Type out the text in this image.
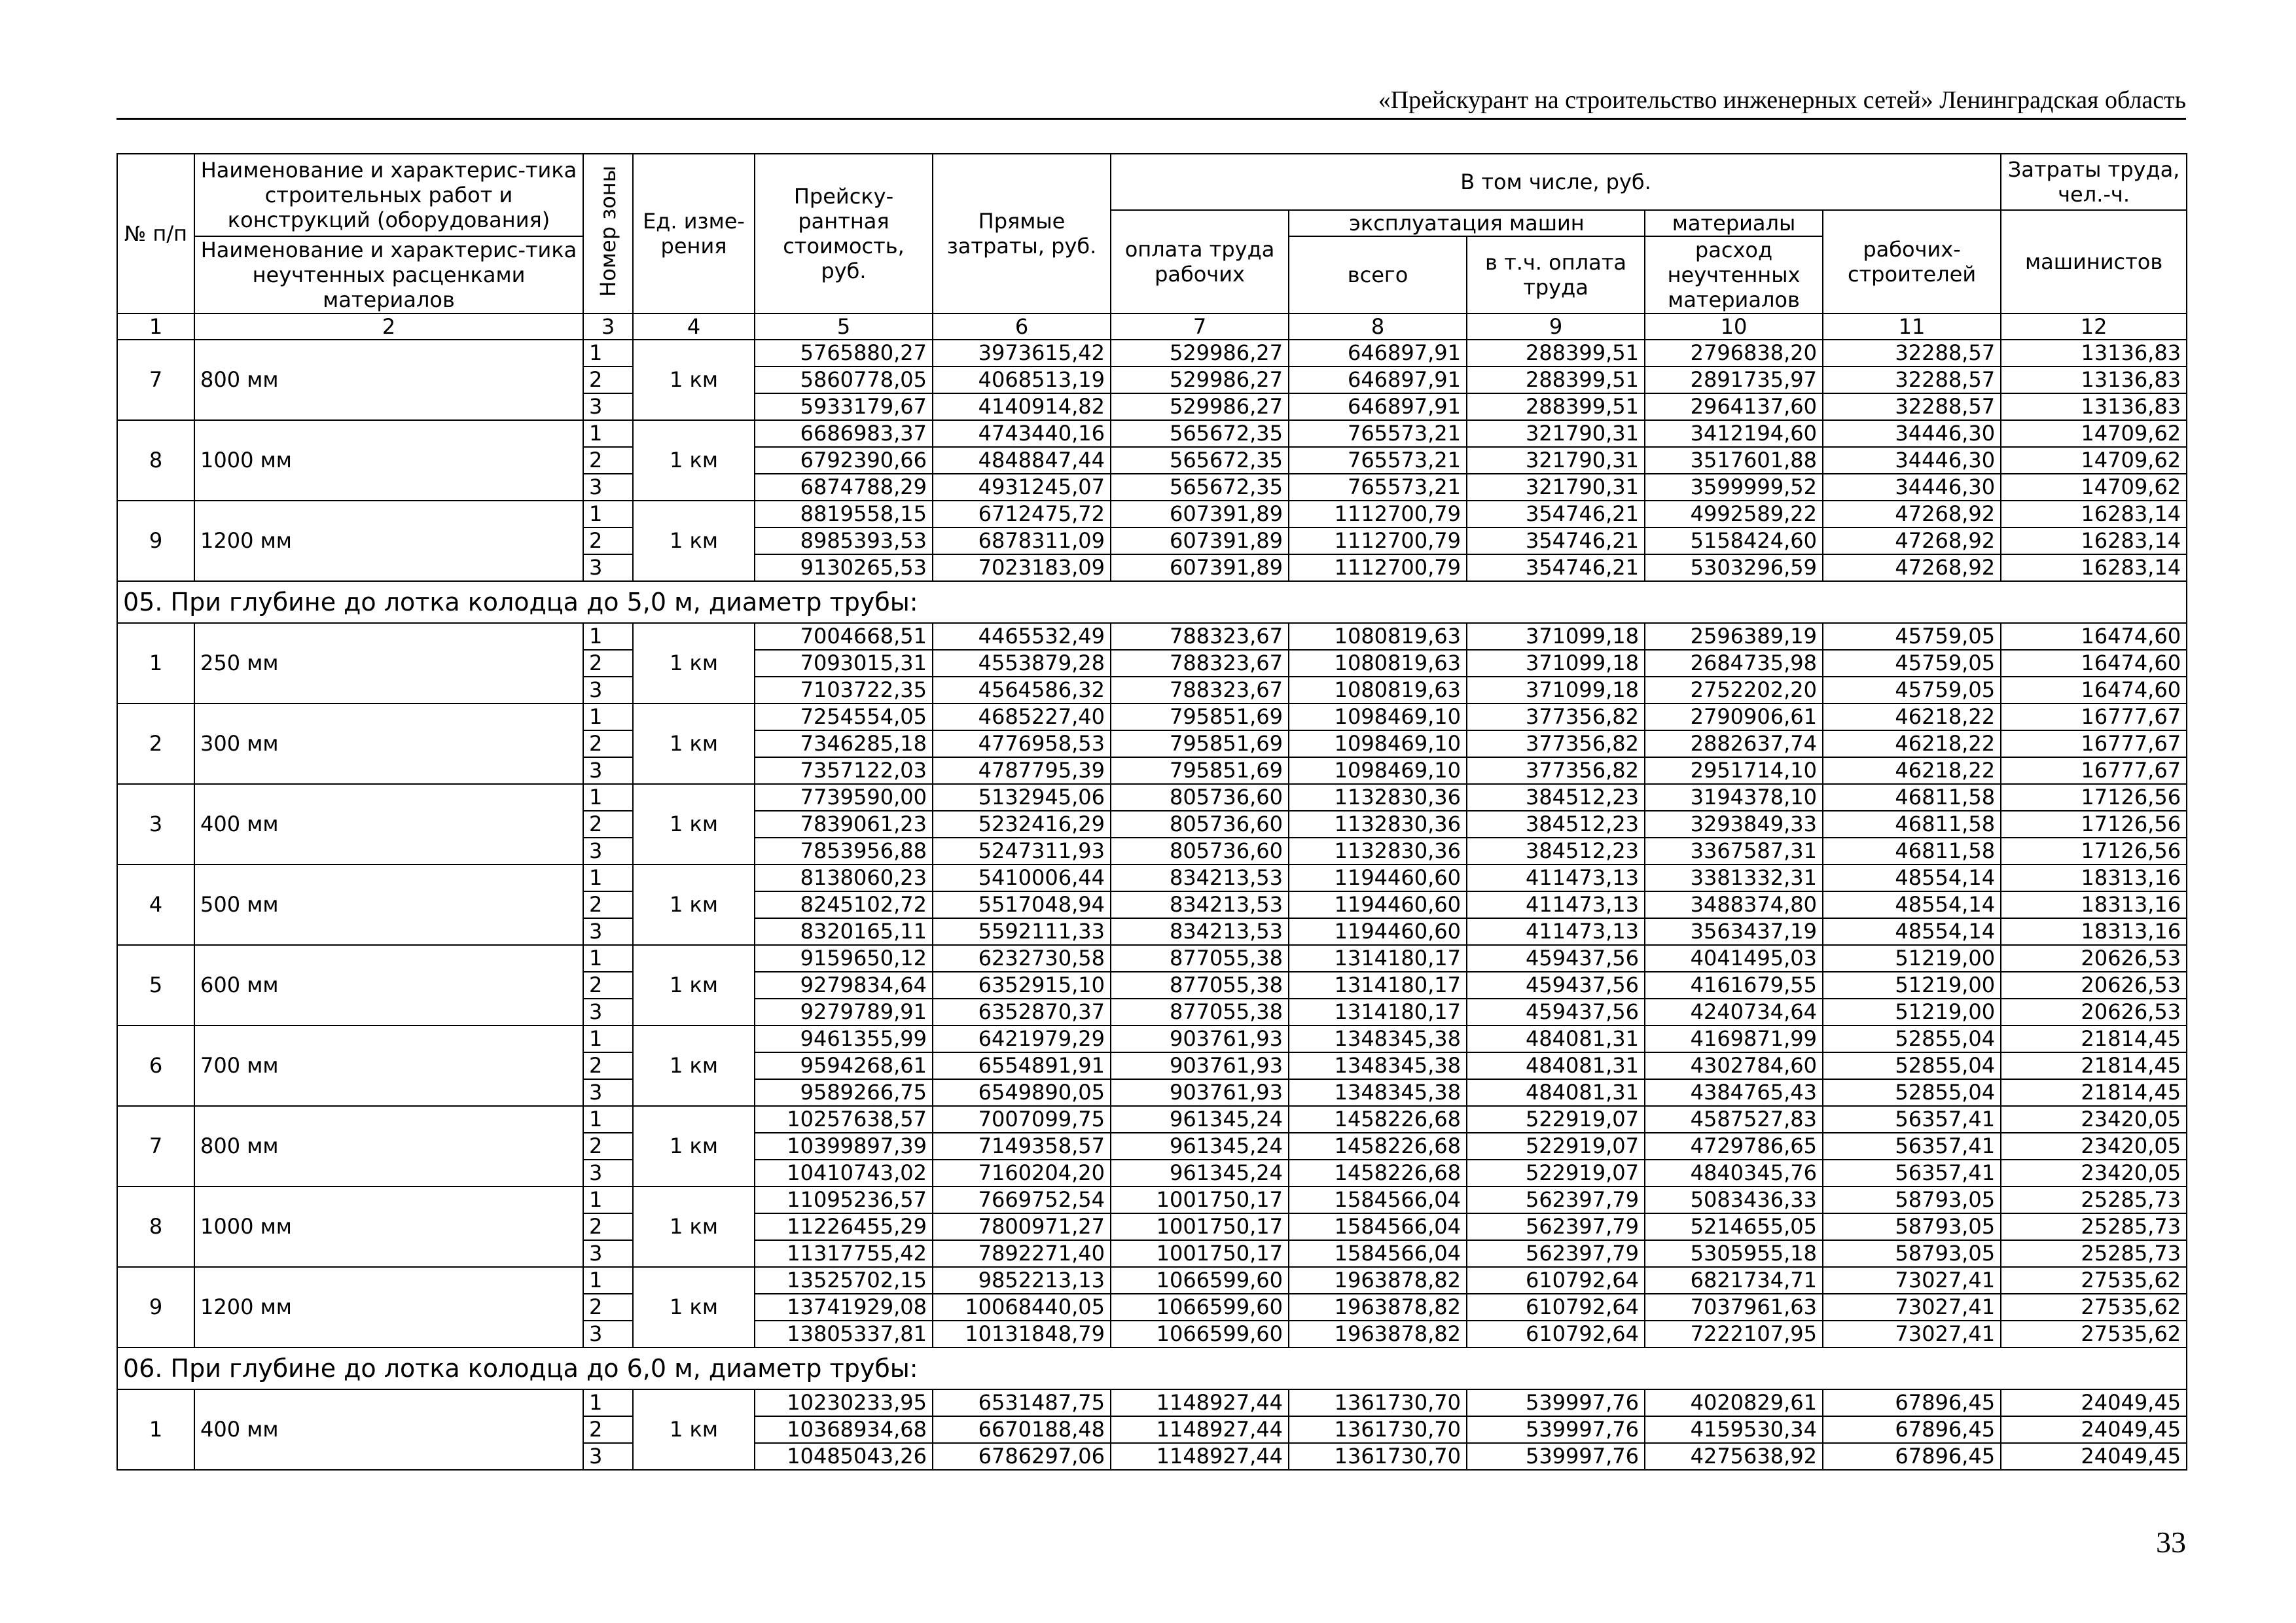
«Прейскурант на строительство инженерных сетей» Ленинградская область
№ п/п	Наименование и характерис-тика строительных работ и конструкций (оборудования)	Номер зоны	Ед. изме-рения	Прейску-рантная стоимость, руб.	Прямые затраты, руб.	В том числе, руб.					Затраты труда, чел.-ч.
						оплата труда рабочих	эксплуатация машин		материалы	рабочих-строителей	машинистов
	Наименование и характерис-тика неучтенных расценками материалов						всего	в т.ч. оплата труда	расход неучтенных материалов		
1	2	3	4	5	6	7	8	9	10	11	12
7	800 мм	1	1 км	5765880,27	3973615,42	529986,27	646897,91	288399,51	2796838,20	32288,57	13136,83
		2		5860778,05	4068513,19	529986,27	646897,91	288399,51	2891735,97	32288,57	13136,83
		3		5933179,67	4140914,82	529986,27	646897,91	288399,51	2964137,60	32288,57	13136,83
8	1000 мм	1	1 км	6686983,37	4743440,16	565672,35	765573,21	321790,31	3412194,60	34446,30	14709,62
		2		6792390,66	4848847,44	565672,35	765573,21	321790,31	3517601,88	34446,30	14709,62
		3		6874788,29	4931245,07	565672,35	765573,21	321790,31	3599999,52	34446,30	14709,62
9	1200 мм	1	1 км	8819558,15	6712475,72	607391,89	1112700,79	354746,21	4992589,22	47268,92	16283,14
		2		8985393,53	6878311,09	607391,89	1112700,79	354746,21	5158424,60	47268,92	16283,14
		3		9130265,53	7023183,09	607391,89	1112700,79	354746,21	5303296,59	47268,92	16283,14
05. При глубине до лотка колодца до 5,0 м, диаметр трубы:											
1	250 мм	1	1 км	7004668,51	4465532,49	788323,67	1080819,63	371099,18	2596389,19	45759,05	16474,60
		2		7093015,31	4553879,28	788323,67	1080819,63	371099,18	2684735,98	45759,05	16474,60
		3		7103722,35	4564586,32	788323,67	1080819,63	371099,18	2752202,20	45759,05	16474,60
2	300 мм	1	1 км	7254554,05	4685227,40	795851,69	1098469,10	377356,82	2790906,61	46218,22	16777,67
		2		7346285,18	4776958,53	795851,69	1098469,10	377356,82	2882637,74	46218,22	16777,67
		3		7357122,03	4787795,39	795851,69	1098469,10	377356,82	2951714,10	46218,22	16777,67
3	400 мм	1	1 км	7739590,00	5132945,06	805736,60	1132830,36	384512,23	3194378,10	46811,58	17126,56
		2		7839061,23	5232416,29	805736,60	1132830,36	384512,23	3293849,33	46811,58	17126,56
		3		7853956,88	5247311,93	805736,60	1132830,36	384512,23	3367587,31	46811,58	17126,56
4	500 мм	1	1 км	8138060,23	5410006,44	834213,53	1194460,60	411473,13	3381332,31	48554,14	18313,16
		2		8245102,72	5517048,94	834213,53	1194460,60	411473,13	3488374,80	48554,14	18313,16
		3		8320165,11	5592111,33	834213,53	1194460,60	411473,13	3563437,19	48554,14	18313,16
5	600 мм	1	1 км	9159650,12	6232730,58	877055,38	1314180,17	459437,56	4041495,03	51219,00	20626,53
		2		9279834,64	6352915,10	877055,38	1314180,17	459437,56	4161679,55	51219,00	20626,53
		3		9279789,91	6352870,37	877055,38	1314180,17	459437,56	4240734,64	51219,00	20626,53
6	700 мм	1	1 км	9461355,99	6421979,29	903761,93	1348345,38	484081,31	4169871,99	52855,04	21814,45
		2		9594268,61	6554891,91	903761,93	1348345,38	484081,31	4302784,60	52855,04	21814,45
		3		9589266,75	6549890,05	903761,93	1348345,38	484081,31	4384765,43	52855,04	21814,45
7	800 мм	1	1 км	10257638,57	7007099,75	961345,24	1458226,68	522919,07	4587527,83	56357,41	23420,05
		2		10399897,39	7149358,57	961345,24	1458226,68	522919,07	4729786,65	56357,41	23420,05
		3		10410743,02	7160204,20	961345,24	1458226,68	522919,07	4840345,76	56357,41	23420,05
8	1000 мм	1	1 км	11095236,57	7669752,54	1001750,17	1584566,04	562397,79	5083436,33	58793,05	25285,73
		2		11226455,29	7800971,27	1001750,17	1584566,04	562397,79	5214655,05	58793,05	25285,73
		3		11317755,42	7892271,40	1001750,17	1584566,04	562397,79	5305955,18	58793,05	25285,73
9	1200 мм	1	1 км	13525702,15	9852213,13	1066599,60	1963878,82	610792,64	6821734,71	73027,41	27535,62
		2		13741929,08	10068440,05	1066599,60	1963878,82	610792,64	7037961,63	73027,41	27535,62
		3		13805337,81	10131848,79	1066599,60	1963878,82	610792,64	7222107,95	73027,41	27535,62
06. При глубине до лотка колодца до 6,0 м, диаметр трубы:											
1	400 мм	1	1 км	10230233,95	6531487,75	1148927,44	1361730,70	539997,76	4020829,61	67896,45	24049,45
		2		10368934,68	6670188,48	1148927,44	1361730,70	539997,76	4159530,34	67896,45	24049,45
		3		10485043,26	6786297,06	1148927,44	1361730,70	539997,76	4275638,92	67896,45	24049,45
33
